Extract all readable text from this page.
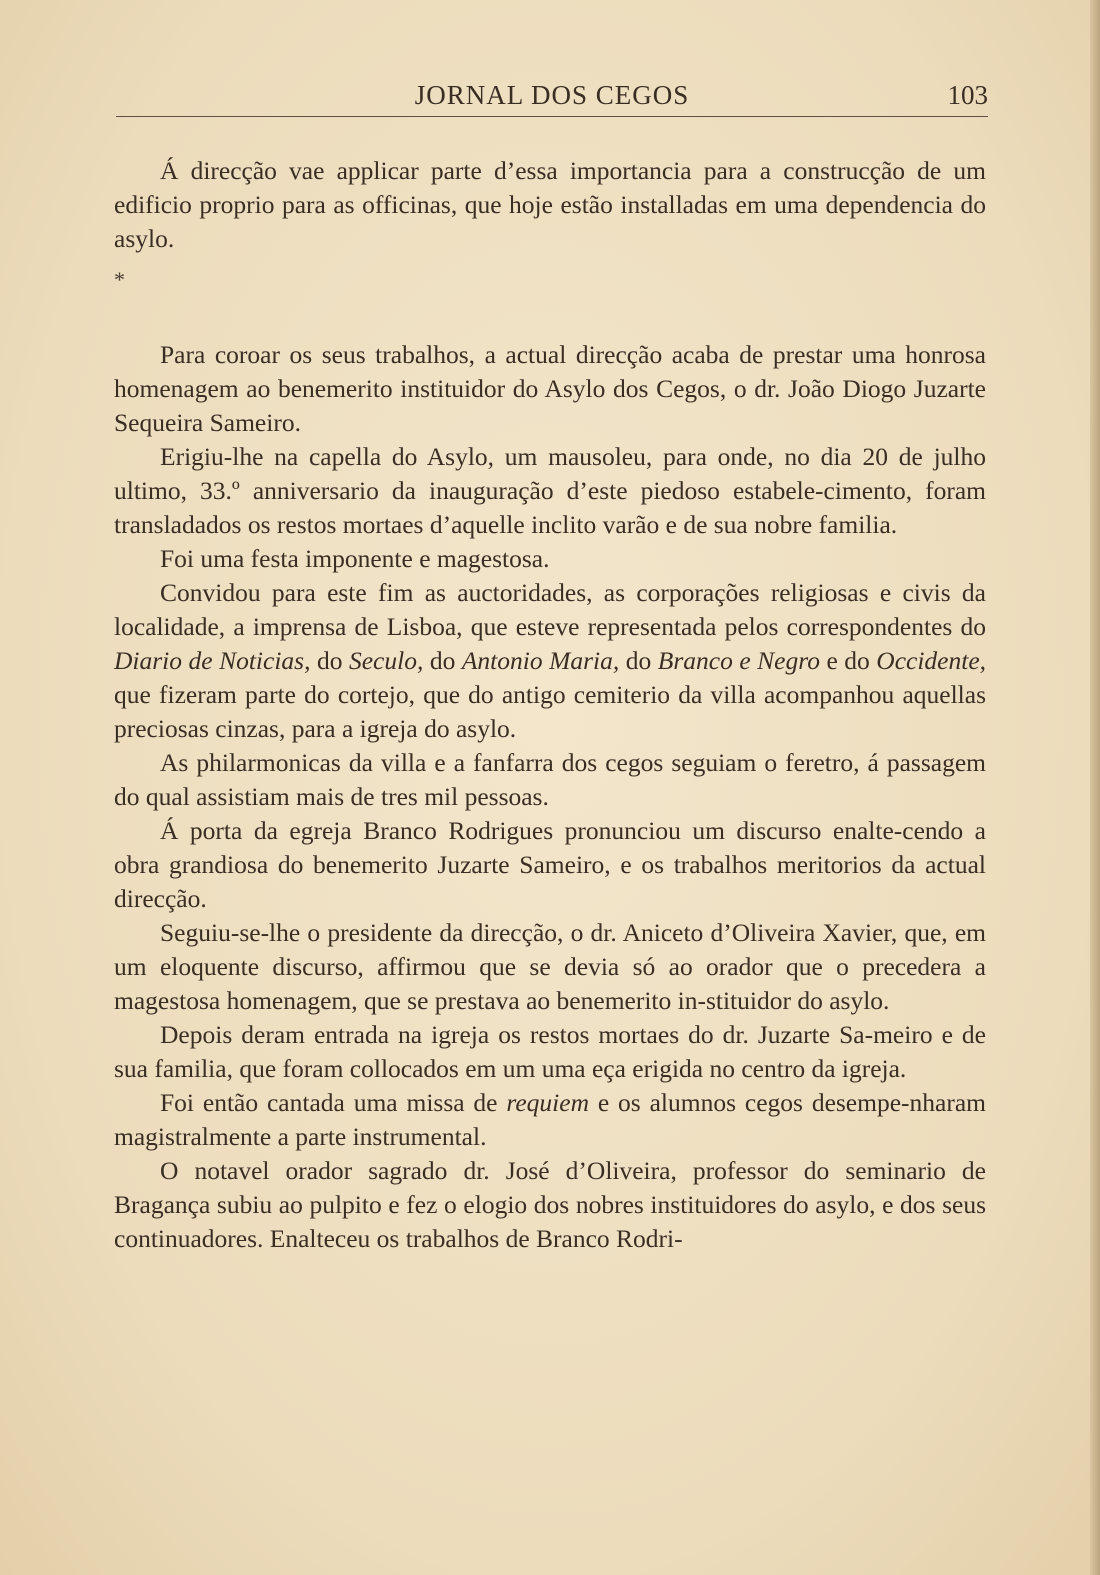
JORNAL DOS CEGOS	103

Á direcção vae applicar parte d’essa importancia para a construcção de um edificio proprio para as officinas, que hoje estão installadas em uma dependencia do asylo.

*

Para coroar os seus trabalhos, a actual direcção acaba de prestar uma honrosa homenagem ao benemerito instituidor do Asylo dos Cegos, o dr. João Diogo Juzarte Sequeira Sameiro.

Erigiu-lhe na capella do Asylo, um mausoleu, para onde, no dia 20 de julho ultimo, 33.º anniversario da inauguração d’este piedoso estabele-cimento, foram transladados os restos mortaes d’aquelle inclito varão e de sua nobre familia.

Foi uma festa imponente e magestosa.

Convidou para este fim as auctoridades, as corporações religiosas e civis da localidade, a imprensa de Lisboa, que esteve representada pelos correspondentes do Diario de Noticias, do Seculo, do Antonio Maria, do Branco e Negro e do Occidente, que fizeram parte do cortejo, que do antigo cemiterio da villa acompanhou aquellas preciosas cinzas, para a igreja do asylo.

As philarmonicas da villa e a fanfarra dos cegos seguiam o feretro, á passagem do qual assistiam mais de tres mil pessoas.

Á porta da egreja Branco Rodrigues pronunciou um discurso enalte-cendo a obra grandiosa do benemerito Juzarte Sameiro, e os trabalhos meritorios da actual direcção.

Seguiu-se-lhe o presidente da direcção, o dr. Aniceto d’Oliveira Xavier, que, em um eloquente discurso, affirmou que se devia só ao orador que o precedera a magestosa homenagem, que se prestava ao benemerito in-stituidor do asylo.

Depois deram entrada na igreja os restos mortaes do dr. Juzarte Sa-meiro e de sua familia, que foram collocados em um uma eça erigida no centro da igreja.

Foi então cantada uma missa de requiem e os alumnos cegos desempe-nharam magistralmente a parte instrumental.

O notavel orador sagrado dr. José d’Oliveira, professor do seminario de Bragança subiu ao pulpito e fez o elogio dos nobres instituidores do asylo, e dos seus continuadores. Enalteceu os trabalhos de Branco Rodri-
